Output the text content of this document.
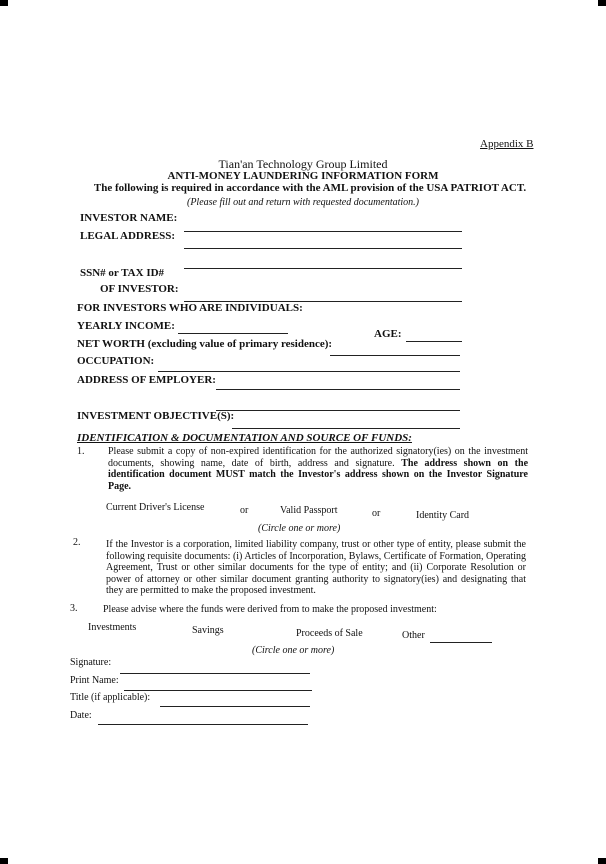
Appendix B
Tian'an Technology Group Limited
ANTI-MONEY LAUNDERING INFORMATION FORM
The following is required in accordance with the AML provision of the USA PATRIOT ACT.
(Please fill out and return with requested documentation.)
INVESTOR NAME:
LEGAL ADDRESS:
SSN# or TAX ID#
OF INVESTOR:
FOR INVESTORS WHO ARE INDIVIDUALS:
YEARLY INCOME:
AGE:
NET WORTH (excluding value of primary residence):
OCCUPATION:
ADDRESS OF EMPLOYER:
INVESTMENT OBJECTIVE(S):
IDENTIFICATION & DOCUMENTATION AND SOURCE OF FUNDS:
1. Please submit a copy of non-expired identification for the authorized signatory(ies) on the investment documents, showing name, date of birth, address and signature. The address shown on the identification document MUST match the Investor's address shown on the Investor Signature Page.
Current Driver's License	or	Valid Passport	or	Identity Card
(Circle one or more)
2.	If the Investor is a corporation, limited liability company, trust or other type of entity, please submit the following requisite documents: (i) Articles of Incorporation, Bylaws, Certificate of Formation, Operating Agreement, Trust or other similar documents for the type of entity; and (ii) Corporate Resolution or power of attorney or other similar document granting authority to signatory(ies) and designating that they are permitted to make the proposed investment.
3.	Please advise where the funds were derived from to make the proposed investment:
Investments	Savings	Proceeds of Sale	Other
(Circle one or more)
Signature:
Print Name:
Title (if applicable):
Date:
